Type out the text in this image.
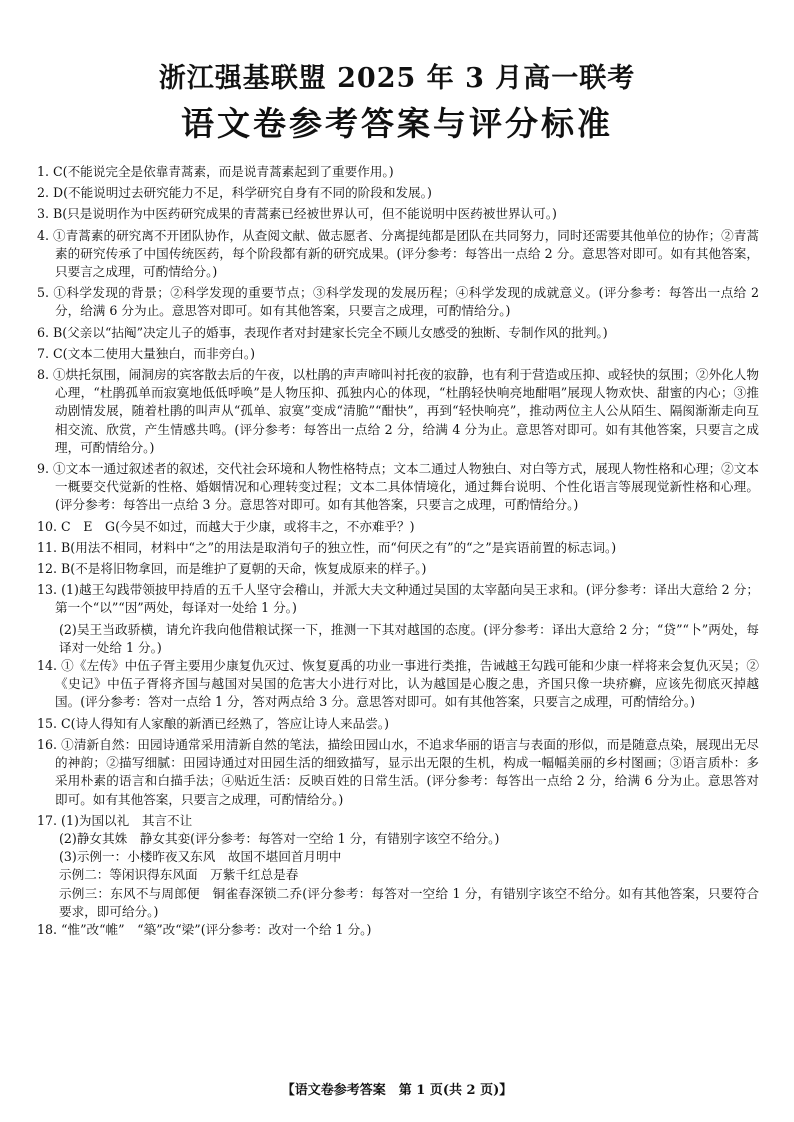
浙江强基联盟 2025 年 3 月高一联考
语文卷参考答案与评分标准

1. C(不能说完全是依靠青蒿素，而是说青蒿素起到了重要作用。)

2. D(不能说明过去研究能力不足，科学研究自身有不同的阶段和发展。)

3. B(只是说明作为中医药研究成果的青蒿素已经被世界认可，但不能说明中医药被世界认可。)

4. ①青蒿素的研究离不开团队协作，从查阅文献、做志愿者、分离提纯都是团队在共同努力，同时还需要其他单位的协作；②青蒿素的研究传承了中国传统医药，每个阶段都有新的研究成果。(评分参考：每答出一点给 2 分。意思答对即可。如有其他答案，只要言之成理，可酌情给分。)

5. ①科学发现的背景；②科学发现的重要节点；③科学发现的发展历程；④科学发现的成就意义。(评分参考：每答出一点给 2 分，给满 6 分为止。意思答对即可。如有其他答案，只要言之成理，可酌情给分。)

6. B(父亲以“拈阄”决定儿子的婚事，表现作者对封建家长完全不顾儿女感受的独断、专制作风的批判。)

7. C(文本二使用大量独白，而非旁白。)

8. ①烘托氛围，闹洞房的宾客散去后的午夜，以杜鹃的声声啼叫衬托夜的寂静，也有利于营造或压抑、或轻快的氛围；②外化人物心理，“杜鹃孤单而寂寞地低低呼唤”是人物压抑、孤独内心的体现，“杜鹃轻快响亮地酣唱”展现人物欢快、甜蜜的内心；③推动剧情发展，随着杜鹃的叫声从“孤单、寂寞”变成“清脆”“酣快”，再到“轻快响亮”，推动两位主人公从陌生、隔阂渐渐走向互相交流、欣赏，产生情感共鸣。(评分参考：每答出一点给 2 分，给满 4 分为止。意思答对即可。如有其他答案，只要言之成理，可酌情给分。)

9. ①文本一通过叙述者的叙述，交代社会环境和人物性格特点；文本二通过人物独白、对白等方式，展现人物性格和心理；②文本一概要交代觉新的性格、婚姻情况和心理转变过程；文本二具体情境化，通过舞台说明、个性化语言等展现觉新性格和心理。(评分参考：每答出一点给 3 分。意思答对即可。如有其他答案，只要言之成理，可酌情给分。)

10. C　E　G(今吴不如过，而越大于少康，或将丰之，不亦难乎？)

11. B(用法不相同，材料中“之”的用法是取消句子的独立性，而“何厌之有”的“之”是宾语前置的标志词。)

12. B(不是将旧物拿回，而是维护了夏朝的天命，恢复成原来的样子。)

13. (1)越王勾践带领披甲持盾的五千人坚守会稽山，并派大夫文种通过吴国的太宰嚭向吴王求和。(评分参考：译出大意给 2 分；第一个“以”“因”两处，每译对一处给 1 分。)

(2)吴王当政骄横，请允许我向他借粮试探一下，推测一下其对越国的态度。(评分参考：译出大意给 2 分；“贷”“卜”两处，每译对一处给 1 分。)

14. ①《左传》中伍子胥主要用少康复仇灭过、恢复夏禹的功业一事进行类推，告诫越王勾践可能和少康一样将来会复仇灭吴；②《史记》中伍子胥将齐国与越国对吴国的危害大小进行对比，认为越国是心腹之患，齐国只像一块疥癣，应该先彻底灭掉越国。(评分参考：答对一点给 1 分，答对两点给 3 分。意思答对即可。如有其他答案，只要言之成理，可酌情给分。)

15. C(诗人得知有人家酿的新酒已经熟了，答应让诗人来品尝。)

16. ①清新自然：田园诗通常采用清新自然的笔法，描绘田园山水，不追求华丽的语言与表面的形似，而是随意点染，展现出无尽的神韵；②描写细腻：田园诗通过对田园生活的细致描写，显示出无限的生机，构成一幅幅美丽的乡村图画；③语言质朴：多采用朴素的语言和白描手法；④贴近生活：反映百姓的日常生活。(评分参考：每答出一点给 2 分，给满 6 分为止。意思答对即可。如有其他答案，只要言之成理，可酌情给分。)

17. (1)为国以礼　其言不让

(2)静女其姝　静女其娈(评分参考：每答对一空给 1 分，有错别字该空不给分。)

(3)示例一：小楼昨夜又东风　故国不堪回首月明中

示例二：等闲识得东风面　万紫千红总是春

示例三：东风不与周郎便　铜雀春深锁二乔(评分参考：每答对一空给 1 分，有错别字该空不给分。如有其他答案，只要符合要求，即可给分。)

18. “惟”改“帷”　“築”改“梁”(评分参考：改对一个给 1 分。)

【语文卷参考答案　第 1 页(共 2 页)】
